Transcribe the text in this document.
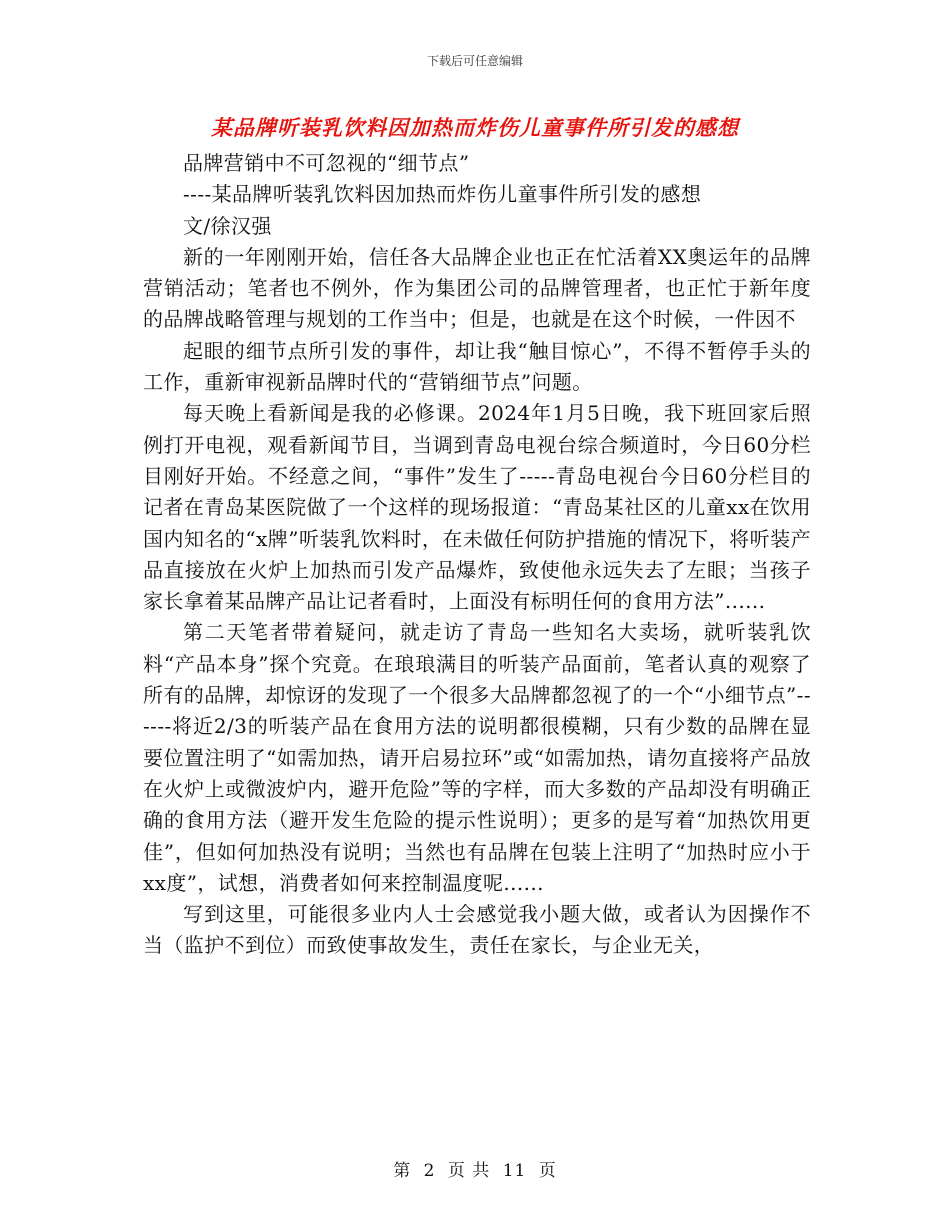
下载后可任意编辑
某品牌听装乳饮料因加热而炸伤儿童事件所引发的感想

品牌营销中不可忽视的“细节点”

----某品牌听装乳饮料因加热而炸伤儿童事件所引发的感想

文/徐汉强

新的一年刚刚开始，信任各大品牌企业也正在忙活着XX奥运年的品牌营销活动；笔者也不例外，作为集团公司的品牌管理者，也正忙于新年度的品牌战略管理与规划的工作当中；但是，也就是在这个时候，一件因不

起眼的细节点所引发的事件，却让我“触目惊心”，不得不暂停手头的工作，重新审视新品牌时代的“营销细节点”问题。

每天晚上看新闻是我的必修课。2024年1月5日晚，我下班回家后照例打开电视，观看新闻节目，当调到青岛电视台综合频道时，今日60分栏目刚好开始。不经意之间，“事件”发生了-----青岛电视台今日60分栏目的记者在青岛某医院做了一个这样的现场报道：“青岛某社区的儿童xx在饮用国内知名的“x牌”听装乳饮料时，在未做任何防护措施的情况下，将听装产品直接放在火炉上加热而引发产品爆炸，致使他永远失去了左眼；当孩子家长拿着某品牌产品让记者看时，上面没有标明任何的食用方法”......

第二天笔者带着疑问，就走访了青岛一些知名大卖场，就听装乳饮料“产品本身”探个究竟。在琅琅满目的听装产品面前，笔者认真的观察了所有的品牌，却惊讶的发现了一个很多大品牌都忽视了的一个“小细节点”------将近2/3的听装产品在食用方法的说明都很模糊，只有少数的品牌在显要位置注明了“如需加热，请开启易拉环”或“如需加热，请勿直接将产品放在火炉上或微波炉内，避开危险”等的字样，而大多数的产品却没有明确正确的食用方法（避开发生危险的提示性说明）；更多的是写着“加热饮用更佳”，但如何加热没有说明；当然也有品牌在包装上注明了“加热时应小于xx度”，试想，消费者如何来控制温度呢......

写到这里，可能很多业内人士会感觉我小题大做，或者认为因操作不当（监护不到位）而致使事故发生，责任在家长，与企业无关，

第 2 页 共 11 页
